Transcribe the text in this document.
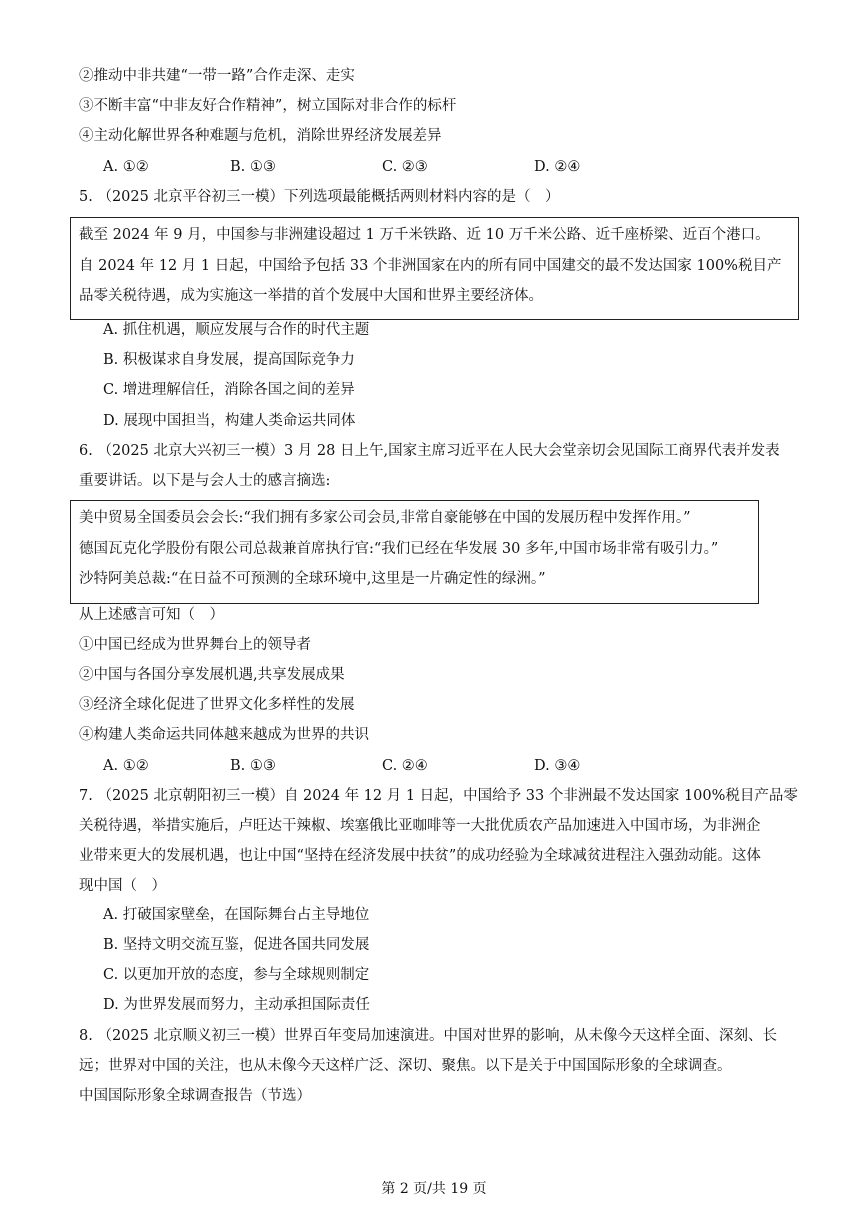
②推动中非共建“一带一路”合作走深、走实
③不断丰富“中非友好合作精神”，树立国际对非合作的标杆
④主动化解世界各种难题与危机，消除世界经济发展差异
A. ①②	B. ①③	C. ②③	D. ②④
5. （2025 北京平谷初三一模）下列选项最能概括两则材料内容的是（　）
截至 2024 年 9 月，中国参与非洲建设超过 1 万千米铁路、近 10 万千米公路、近千座桥梁、近百个港口。
自 2024 年 12 月 1 日起，中国给予包括 33 个非洲国家在内的所有同中国建交的最不发达国家 100%税目产
品零关税待遇，成为实施这一举措的首个发展中大国和世界主要经济体。
A. 抓住机遇，顺应发展与合作的时代主题
B. 积极谋求自身发展，提高国际竞争力
C. 增进理解信任，消除各国之间的差异
D. 展现中国担当，构建人类命运共同体
6. （2025 北京大兴初三一模）3 月 28 日上午,国家主席习近平在人民大会堂亲切会见国际工商界代表并发表
重要讲话。以下是与会人士的感言摘选:
美中贸易全国委员会会长:“我们拥有多家公司会员,非常自豪能够在中国的发展历程中发挥作用。”
德国瓦克化学股份有限公司总裁兼首席执行官:“我们已经在华发展 30 多年,中国市场非常有吸引力。”
沙特阿美总裁:“在日益不可预测的全球环境中,这里是一片确定性的绿洲。”
从上述感言可知（　）
①中国已经成为世界舞台上的领导者
②中国与各国分享发展机遇,共享发展成果
③经济全球化促进了世界文化多样性的发展
④构建人类命运共同体越来越成为世界的共识
A. ①②	B. ①③	C. ②④	D. ③④
7. （2025 北京朝阳初三一模）自 2024 年 12 月 1 日起，中国给予 33 个非洲最不发达国家 100%税目产品零
关税待遇，举措实施后，卢旺达干辣椒、埃塞俄比亚咖啡等一大批优质农产品加速进入中国市场，为非洲企
业带来更大的发展机遇，也让中国“坚持在经济发展中扶贫”的成功经验为全球减贫进程注入强劲动能。这体
现中国（　）
A. 打破国家壁垒，在国际舞台占主导地位
B. 坚持文明交流互鉴，促进各国共同发展
C. 以更加开放的态度，参与全球规则制定
D. 为世界发展而努力，主动承担国际责任
8. （2025 北京顺义初三一模）世界百年变局加速演进。中国对世界的影响，从未像今天这样全面、深刻、长
远；世界对中国的关注，也从未像今天这样广泛、深切、聚焦。以下是关于中国国际形象的全球调查。
中国国际形象全球调查报告（节选）
第 2 页/共 19 页
